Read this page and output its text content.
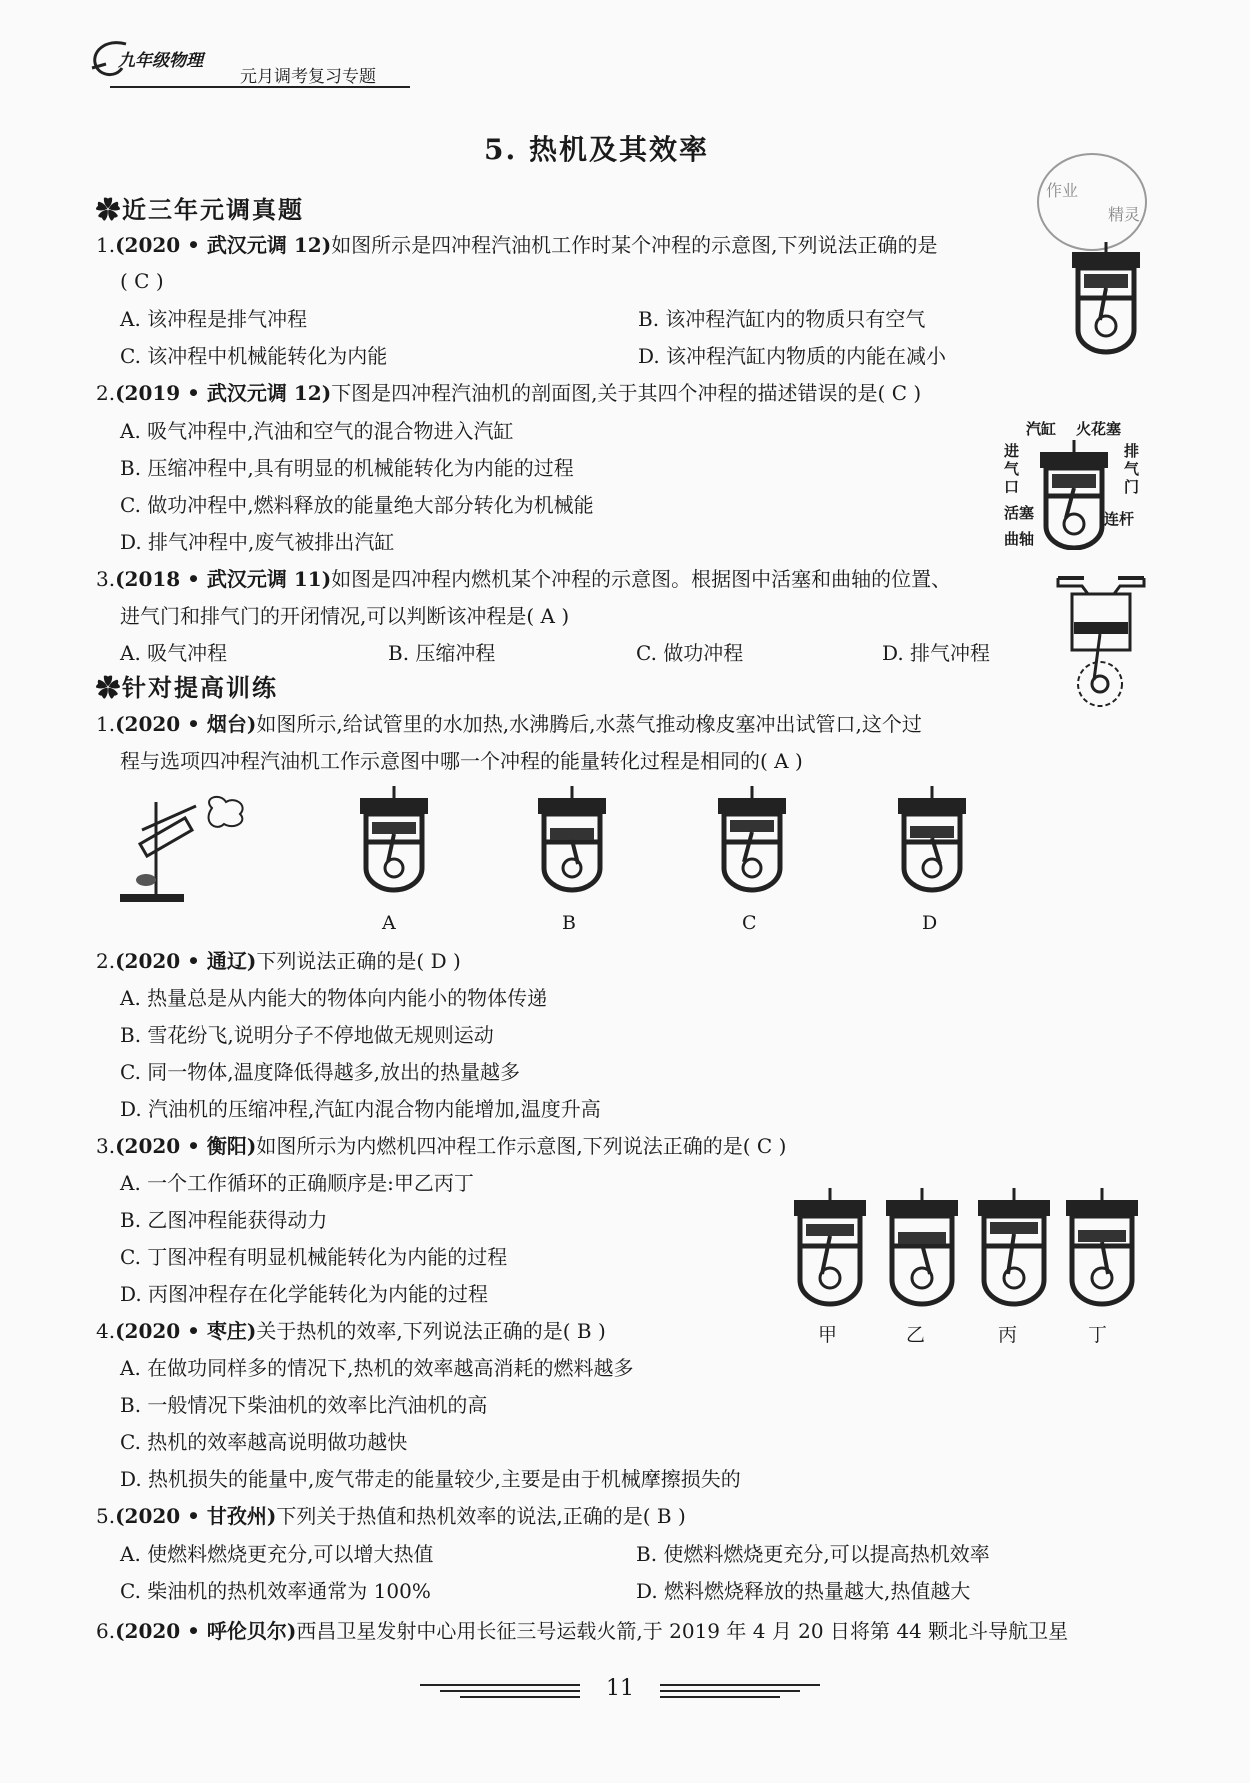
九年级物理
元月调考复习专题
5. 热机及其效率
作业
精灵
✿近三年元调真题
1.(2020 • 武汉元调 12)如图所示是四冲程汽油机工作时某个冲程的示意图,下列说法正确的是
( C )
A. 该冲程是排气冲程	B. 该冲程汽缸内的物质只有空气
C. 该冲程中机械能转化为内能	D. 该冲程汽缸内物质的内能在减小
2.(2019 • 武汉元调 12)下图是四冲程汽油机的剖面图,关于其四个冲程的描述错误的是( C )
A. 吸气冲程中,汽油和空气的混合物进入汽缸
B. 压缩冲程中,具有明显的机械能转化为内能的过程
C. 做功冲程中,燃料释放的能量绝大部分转化为机械能
D. 排气冲程中,废气被排出汽缸
汽缸 火花塞
进气口
排气门
活塞	连杆
曲轴
3.(2018 • 武汉元调 11)如图是四冲程内燃机某个冲程的示意图。根据图中活塞和曲轴的位置、
进气门和排气门的开闭情况,可以判断该冲程是( A )
A. 吸气冲程	B. 压缩冲程	C. 做功冲程	D. 排气冲程
✿针对提高训练
1.(2020 • 烟台)如图所示,给试管里的水加热,水沸腾后,水蒸气推动橡皮塞冲出试管口,这个过
程与选项四冲程汽油机工作示意图中哪一个冲程的能量转化过程是相同的( A )
A	B	C	D
2.(2020 • 通辽)下列说法正确的是( D )
A. 热量总是从内能大的物体向内能小的物体传递
B. 雪花纷飞,说明分子不停地做无规则运动
C. 同一物体,温度降低得越多,放出的热量越多
D. 汽油机的压缩冲程,汽缸内混合物内能增加,温度升高
3.(2020 • 衡阳)如图所示为内燃机四冲程工作示意图,下列说法正确的是( C )
A. 一个工作循环的正确顺序是:甲乙丙丁
B. 乙图冲程能获得动力
C. 丁图冲程有明显机械能转化为内能的过程
D. 丙图冲程存在化学能转化为内能的过程
甲	乙	丙	丁
4.(2020 • 枣庄)关于热机的效率,下列说法正确的是( B )
A. 在做功同样多的情况下,热机的效率越高消耗的燃料越多
B. 一般情况下柴油机的效率比汽油机的高
C. 热机的效率越高说明做功越快
D. 热机损失的能量中,废气带走的能量较少,主要是由于机械摩擦损失的
5.(2020 • 甘孜州)下列关于热值和热机效率的说法,正确的是( B )
A. 使燃料燃烧更充分,可以增大热值	B. 使燃料燃烧更充分,可以提高热机效率
C. 柴油机的热机效率通常为 100%	D. 燃料燃烧释放的热量越大,热值越大
6.(2020 • 呼伦贝尔)西昌卫星发射中心用长征三号运载火箭,于 2019 年 4 月 20 日将第 44 颗北斗导航卫星
11
